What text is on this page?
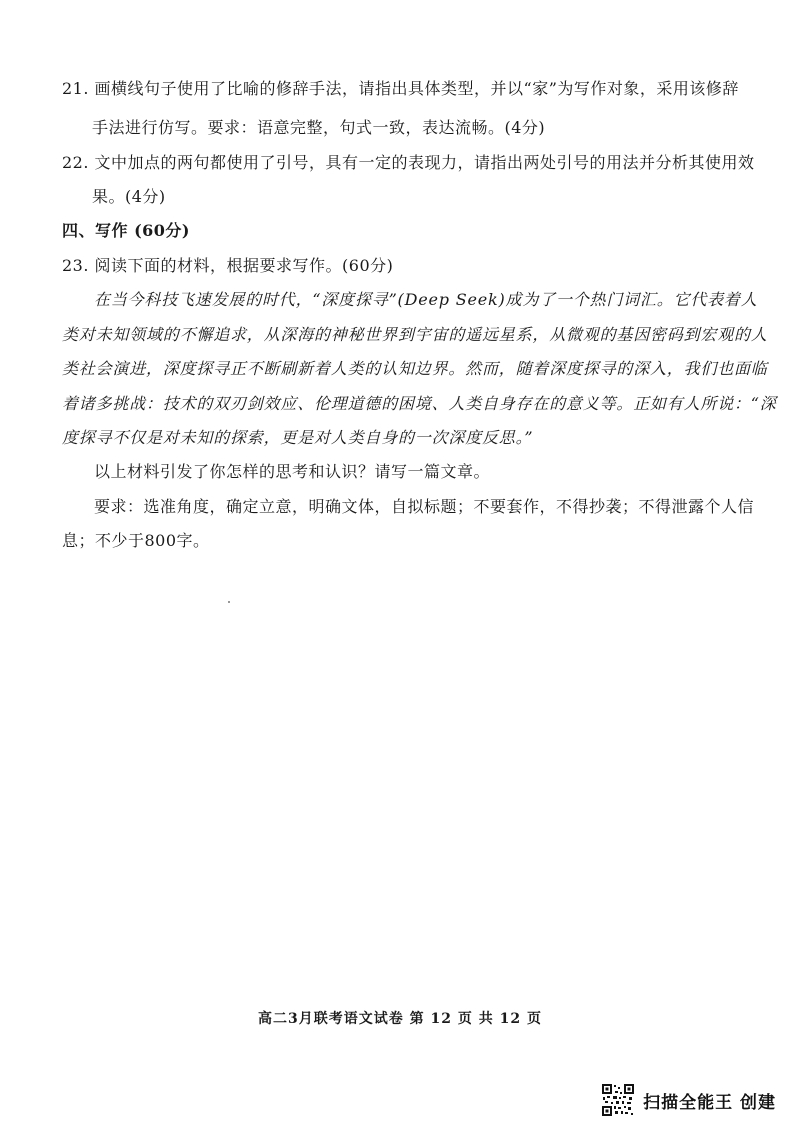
21. 画横线句子使用了比喻的修辞手法，请指出具体类型，并以“家”为写作对象，采用该修辞
手法进行仿写。要求：语意完整，句式一致，表达流畅。(4分)
22. 文中加点的两句都使用了引号，具有一定的表现力，请指出两处引号的用法并分析其使用效
果。(4分)
四、写作 (60分)
23. 阅读下面的材料，根据要求写作。(60分)
在当今科技飞速发展的时代，“深度探寻”(Deep Seek)成为了一个热门词汇。它代表着人
类对未知领域的不懈追求，从深海的神秘世界到宇宙的遥远星系，从微观的基因密码到宏观的人
类社会演进，深度探寻正不断刷新着人类的认知边界。然而，随着深度探寻的深入，我们也面临
着诸多挑战：技术的双刃剑效应、伦理道德的困境、人类自身存在的意义等。正如有人所说：“深
度探寻不仅是对未知的探索，更是对人类自身的一次深度反思。”
以上材料引发了你怎样的思考和认识？请写一篇文章。
要求：选准角度，确定立意，明确文体，自拟标题；不要套作，不得抄袭；不得泄露个人信
息；不少于800字。
高二3月联考语文试卷 第 12 页 共 12 页
扫描全能王 创建
